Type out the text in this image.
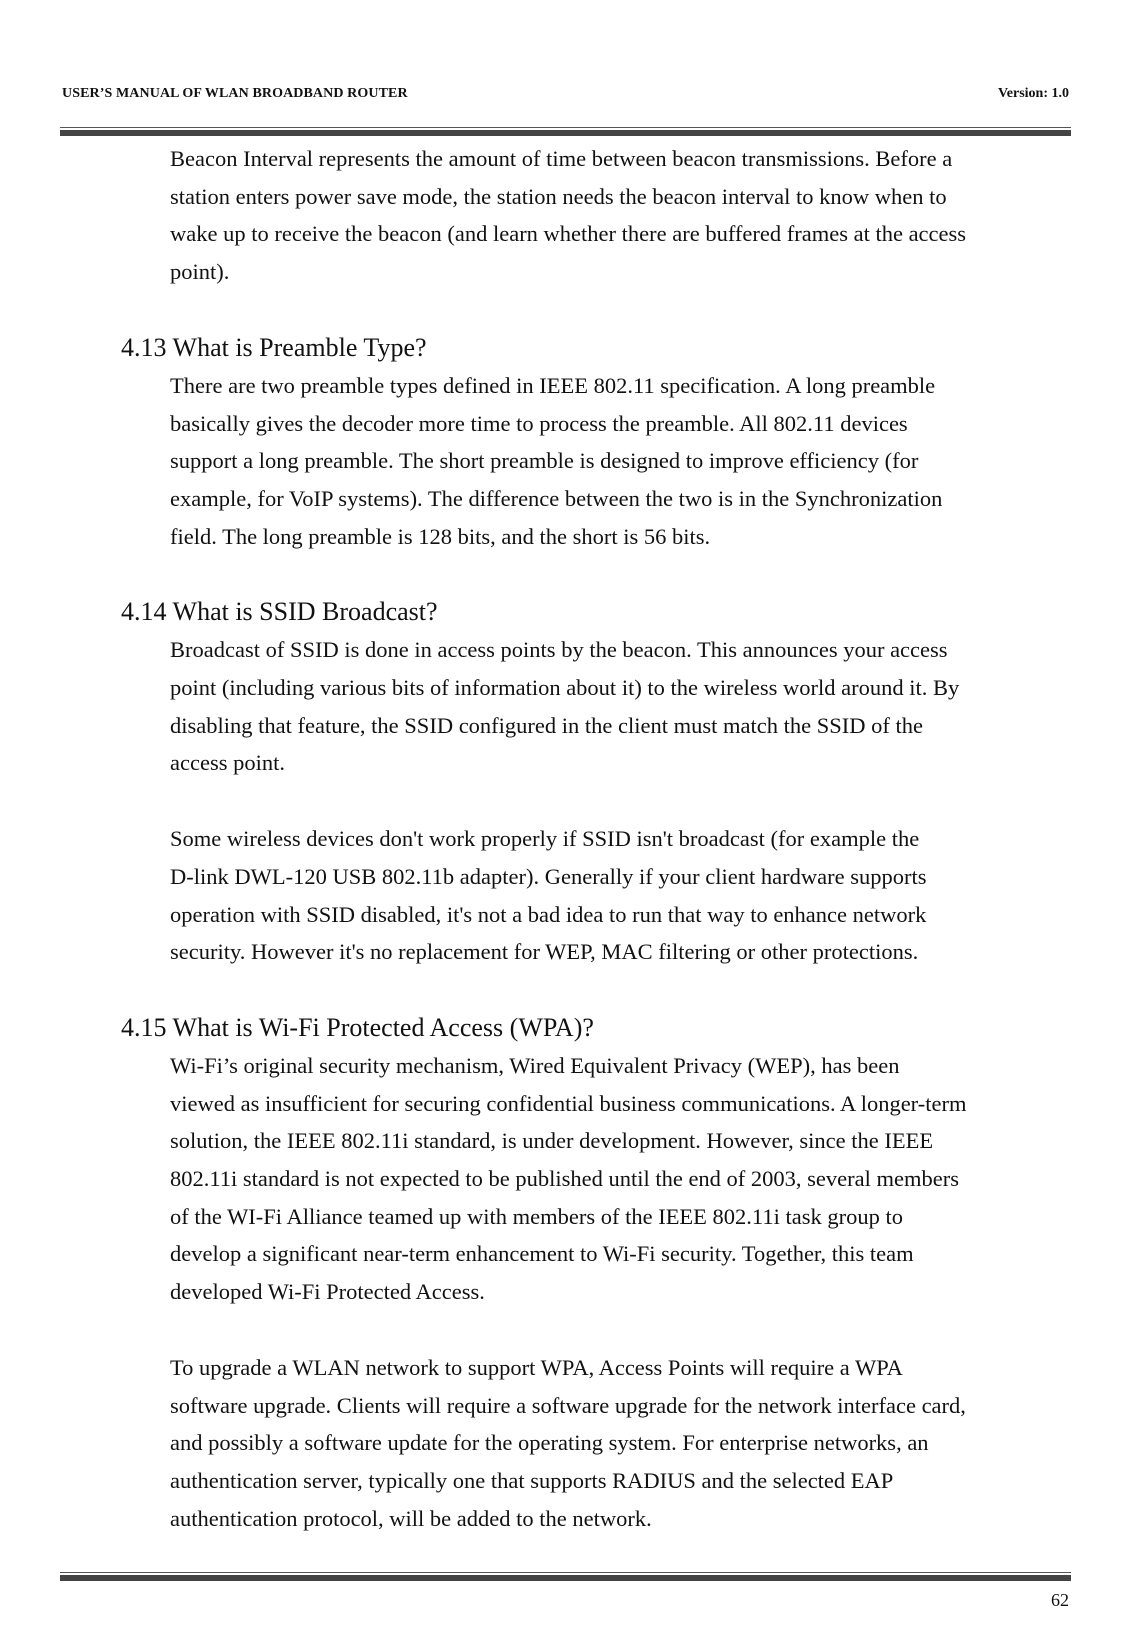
USER’S MANUAL OF WLAN BROADBAND ROUTER	Version: 1.0

Beacon Interval represents the amount of time between beacon transmissions. Before a
station enters power save mode, the station needs the beacon interval to know when to
wake up to receive the beacon (and learn whether there are buffered frames at the access
point).

4.13 What is Preamble Type?

There are two preamble types defined in IEEE 802.11 specification. A long preamble
basically gives the decoder more time to process the preamble. All 802.11 devices
support a long preamble. The short preamble is designed to improve efficiency (for
example, for VoIP systems). The difference between the two is in the Synchronization
field. The long preamble is 128 bits, and the short is 56 bits.

4.14 What is SSID Broadcast?

Broadcast of SSID is done in access points by the beacon. This announces your access
point (including various bits of information about it) to the wireless world around it. By
disabling that feature, the SSID configured in the client must match the SSID of the
access point.

Some wireless devices don't work properly if SSID isn't broadcast (for example the
D-link DWL-120 USB 802.11b adapter). Generally if your client hardware supports
operation with SSID disabled, it's not a bad idea to run that way to enhance network
security. However it's no replacement for WEP, MAC filtering or other protections.

4.15 What is Wi-Fi Protected Access (WPA)?

Wi-Fi’s original security mechanism, Wired Equivalent Privacy (WEP), has been
viewed as insufficient for securing confidential business communications. A longer-term
solution, the IEEE 802.11i standard, is under development. However, since the IEEE
802.11i standard is not expected to be published until the end of 2003, several members
of the WI-Fi Alliance teamed up with members of the IEEE 802.11i task group to
develop a significant near-term enhancement to Wi-Fi security. Together, this team
developed Wi-Fi Protected Access.

To upgrade a WLAN network to support WPA, Access Points will require a WPA
software upgrade. Clients will require a software upgrade for the network interface card,
and possibly a software update for the operating system. For enterprise networks, an
authentication server, typically one that supports RADIUS and the selected EAP
authentication protocol, will be added to the network.

62
